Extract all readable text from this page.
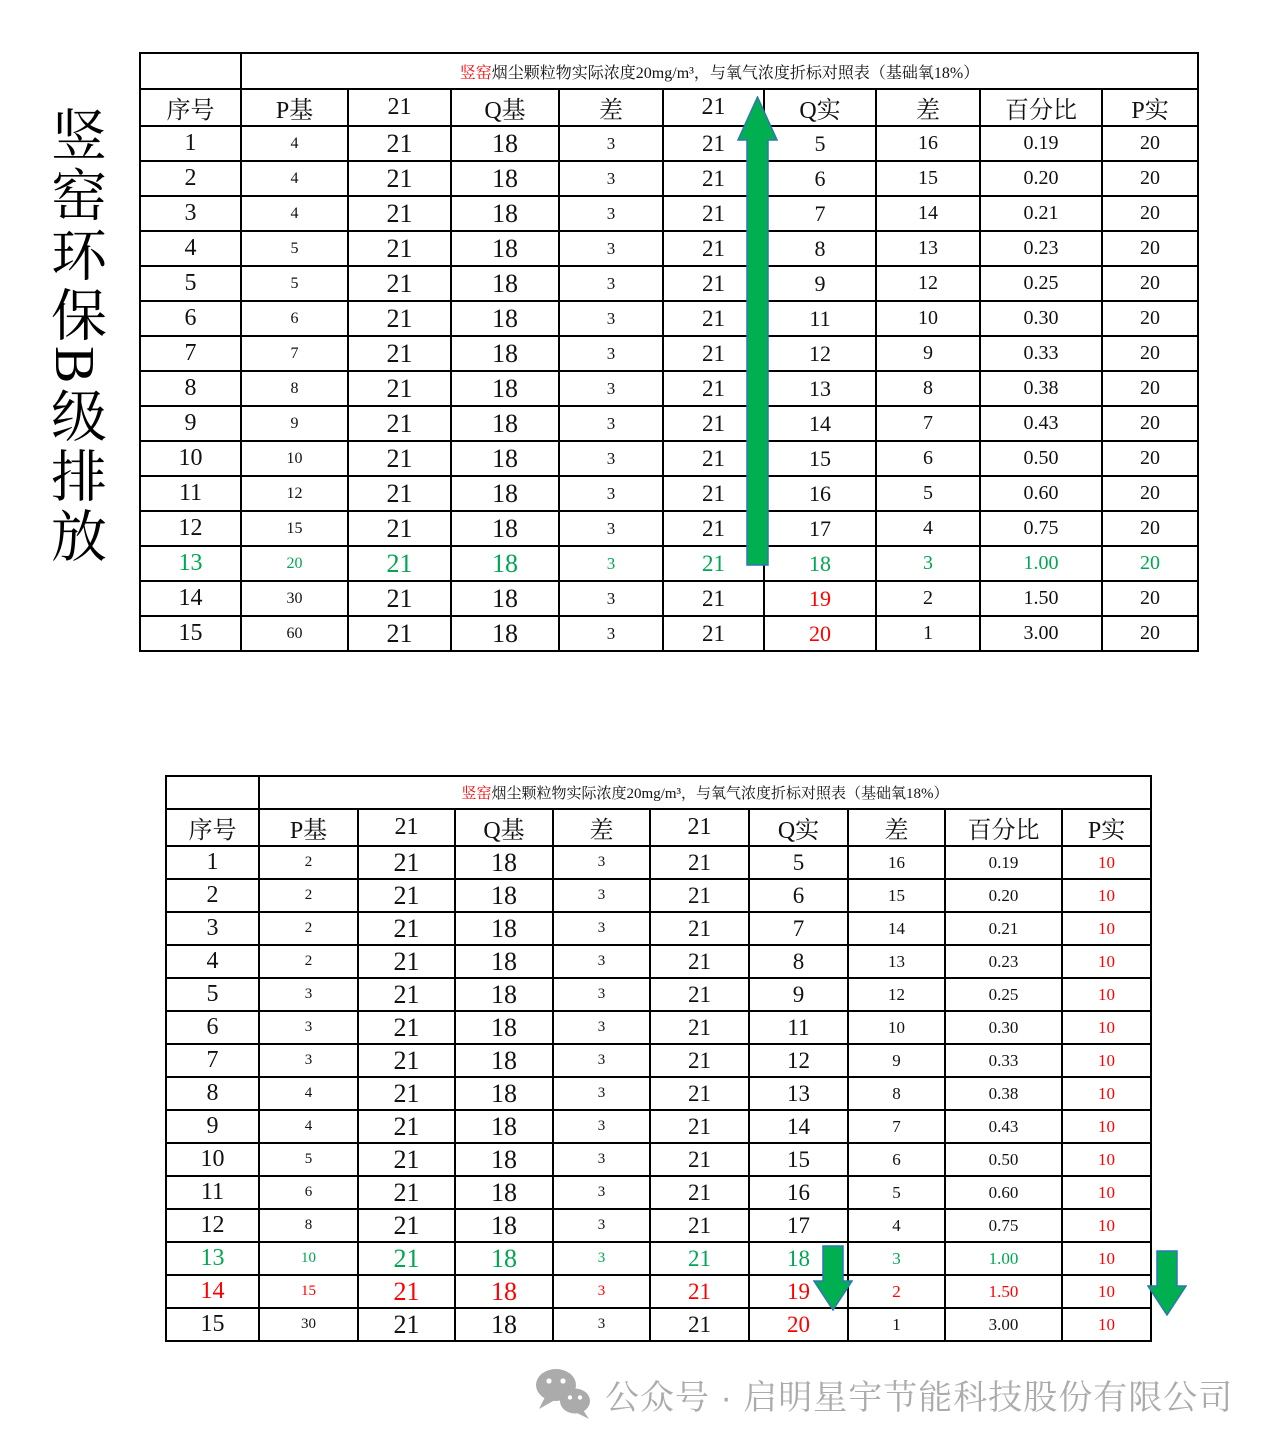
竖窑环保B级排放
	竖窑烟尘颗粒物实际浓度20mg/m³，与氧气浓度折标对照表（基础氧18%）								
序号	P基	21	Q基	差	21	Q实	差	百分比	P实
1	4	21	18	3	21	5	16	0.19	20
2	4	21	18	3	21	6	15	0.20	20
3	4	21	18	3	21	7	14	0.21	20
4	5	21	18	3	21	8	13	0.23	20
5	5	21	18	3	21	9	12	0.25	20
6	6	21	18	3	21	11	10	0.30	20
7	7	21	18	3	21	12	9	0.33	20
8	8	21	18	3	21	13	8	0.38	20
9	9	21	18	3	21	14	7	0.43	20
10	10	21	18	3	21	15	6	0.50	20
11	12	21	18	3	21	16	5	0.60	20
12	15	21	18	3	21	17	4	0.75	20
13	20	21	18	3	21	18	3	1.00	20
14	30	21	18	3	21	19	2	1.50	20
15	60	21	18	3	21	20	1	3.00	20
	竖窑烟尘颗粒物实际浓度20mg/m³，与氧气浓度折标对照表（基础氧18%）								
序号	P基	21	Q基	差	21	Q实	差	百分比	P实
1	2	21	18	3	21	5	16	0.19	10
2	2	21	18	3	21	6	15	0.20	10
3	2	21	18	3	21	7	14	0.21	10
4	2	21	18	3	21	8	13	0.23	10
5	3	21	18	3	21	9	12	0.25	10
6	3	21	18	3	21	11	10	0.30	10
7	3	21	18	3	21	12	9	0.33	10
8	4	21	18	3	21	13	8	0.38	10
9	4	21	18	3	21	14	7	0.43	10
10	5	21	18	3	21	15	6	0.50	10
11	6	21	18	3	21	16	5	0.60	10
12	8	21	18	3	21	17	4	0.75	10
13	10	21	18	3	21	18	3	1.00	10
14	15	21	18	3	21	19	2	1.50	10
15	30	21	18	3	21	20	1	3.00	10
公众号 · 启明星宇节能科技股份有限公司
